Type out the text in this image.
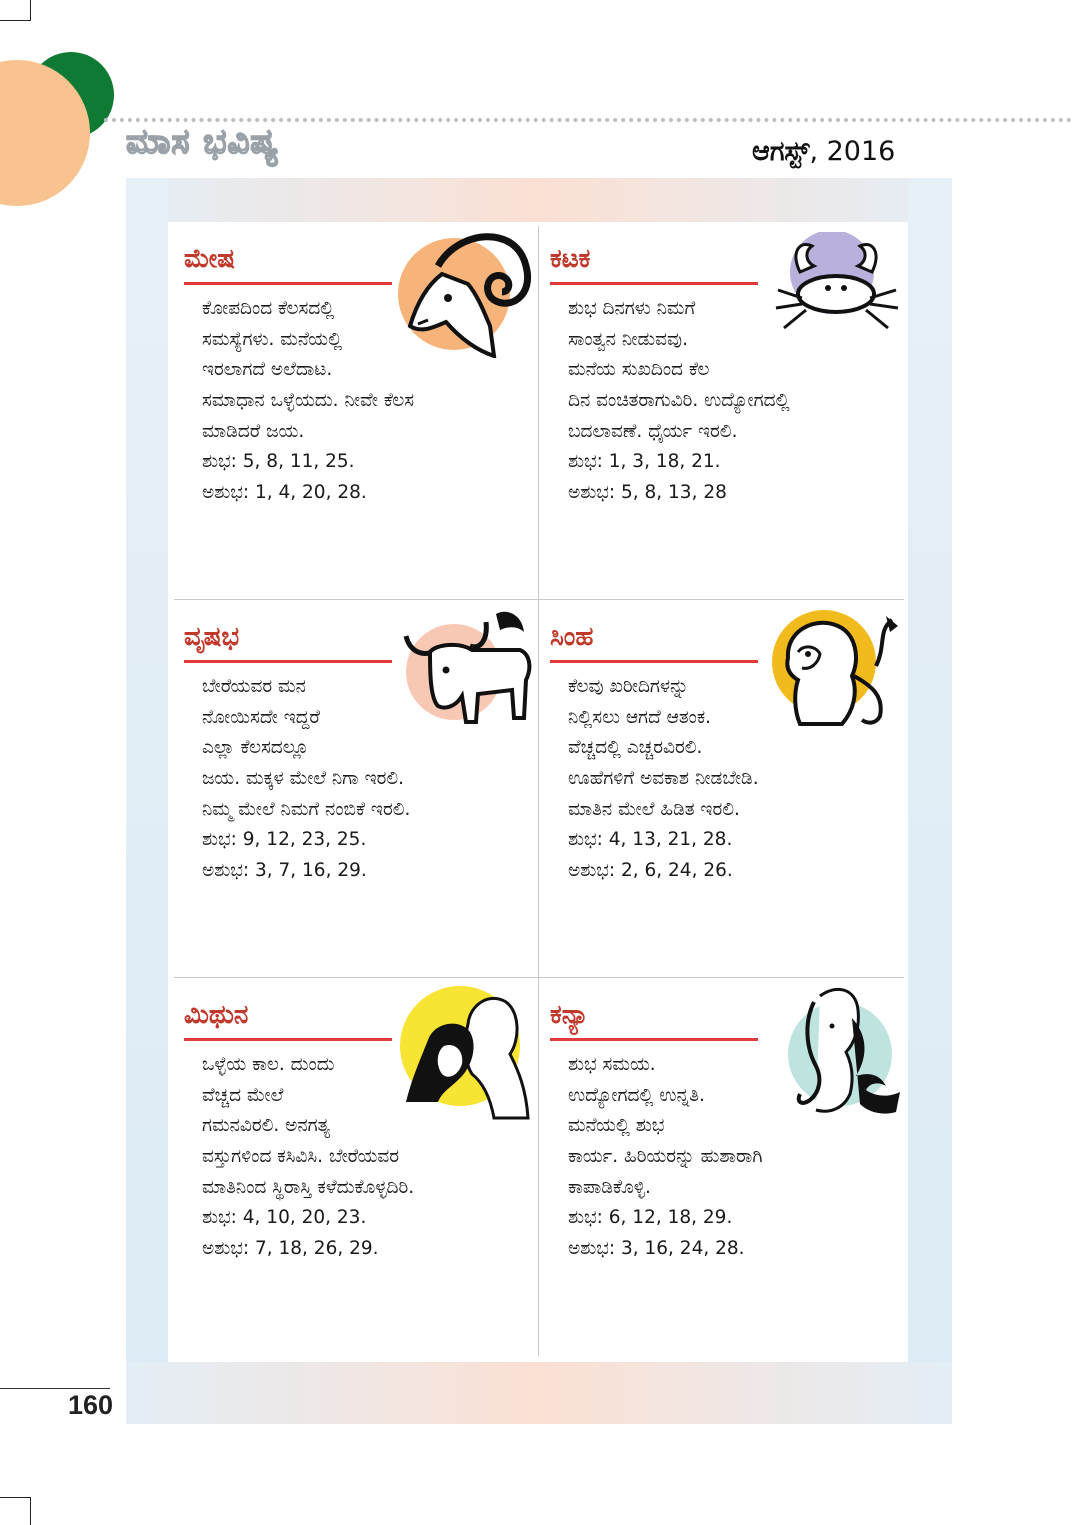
ಮಾಸ ಭವಿಷ್ಯ	ಆಗಸ್ಟ್, 2016
ಮೇಷ
ಕೋಪದಿಂದ ಕೆಲಸದಲ್ಲಿ
ಸಮಸ್ಯೆಗಳು. ಮನೆಯಲ್ಲಿ
ಇರಲಾಗದೆ ಅಲೆದಾಟ.
ಸಮಾಧಾನ ಒಳ್ಳೆಯದು. ನೀವೇ ಕೆಲಸ
ಮಾಡಿದರೆ ಜಯ.
ಶುಭ: 5, 8, 11, 25.
ಅಶುಭ: 1, 4, 20, 28.
ಕಟಕ
ಶುಭ ದಿನಗಳು ನಿಮಗೆ
ಸಾಂತ್ವನ ನೀಡುವವು.
ಮನೆಯ ಸುಖದಿಂದ ಕೆಲ
ದಿನ ವಂಚಿತರಾಗುವಿರಿ. ಉದ್ಯೋಗದಲ್ಲಿ
ಬದಲಾವಣೆ. ಧೈರ್ಯ ಇರಲಿ.
ಶುಭ: 1, 3, 18, 21.
ಅಶುಭ: 5, 8, 13, 28
ವೃಷಭ
ಬೇರೆಯವರ ಮನ
ನೋಯಿಸದೇ ಇದ್ದರೆ
ಎಲ್ಲಾ ಕೆಲಸದಲ್ಲೂ
ಜಯ. ಮಕ್ಕಳ ಮೇಲೆ ನಿಗಾ ಇರಲಿ.
ನಿಮ್ಮ ಮೇಲೆ ನಿಮಗೆ ನಂಬಿಕೆ ಇರಲಿ.
ಶುಭ: 9, 12, 23, 25.
ಅಶುಭ: 3, 7, 16, 29.
ಸಿಂಹ
ಕೆಲವು ಖರೀದಿಗಳನ್ನು
ನಿಲ್ಲಿಸಲು ಆಗದೆ ಆತಂಕ.
ವೆಚ್ಚದಲ್ಲಿ ಎಚ್ಚರವಿರಲಿ.
ಊಹೆಗಳಿಗೆ ಅವಕಾಶ ನೀಡಬೇಡಿ.
ಮಾತಿನ ಮೇಲೆ ಹಿಡಿತ ಇರಲಿ.
ಶುಭ: 4, 13, 21, 28.
ಅಶುಭ: 2, 6, 24, 26.
ಮಿಥುನ
ಒಳ್ಳೆಯ ಕಾಲ. ದುಂದು
ವೆಚ್ಚದ ಮೇಲೆ
ಗಮನವಿರಲಿ. ಅನಗತ್ಯ
ವಸ್ತುಗಳಿಂದ ಕಸಿವಿಸಿ. ಬೇರೆಯವರ
ಮಾತಿನಿಂದ ಸ್ಥಿರಾಸ್ತಿ ಕಳೆದುಕೊಳ್ಳದಿರಿ.
ಶುಭ: 4, 10, 20, 23.
ಅಶುಭ: 7, 18, 26, 29.
ಕನ್ಯಾ
ಶುಭ ಸಮಯ.
ಉದ್ಯೋಗದಲ್ಲಿ ಉನ್ನತಿ.
ಮನೆಯಲ್ಲಿ ಶುಭ
ಕಾರ್ಯ. ಹಿರಿಯರನ್ನು ಹುಶಾರಾಗಿ
ಕಾಪಾಡಿಕೊಳ್ಳಿ.
ಶುಭ: 6, 12, 18, 29.
ಅಶುಭ: 3, 16, 24, 28.
160
